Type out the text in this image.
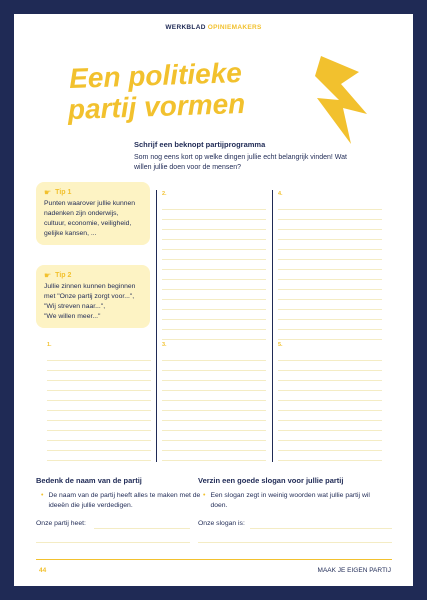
WERKBLAD OPINIEMAKERS
Een politieke
partij vormen
Schrijf een beknopt partijprogramma
Som nog eens kort op welke dingen jullie echt belangrijk vinden! Wat willen jullie doen voor de mensen?
☛ Tip 1
Punten waarover jullie kunnen nadenken zijn onderwijs, cultuur, economie, veiligheid, gelijke kansen, ...
☛ Tip 2
Jullie zinnen kunnen beginnen met "Onze partij zorgt voor...",
"Wij streven naar...",
"We willen meer..."
2.	4.
1.	3.	5.
Bedenk de naam van de partij
• De naam van de partij heeft alles te maken met de ideeën die jullie verdedigen.
Onze partij heet:
Verzin een goede slogan voor jullie partij
• Een slogan zegt in weinig woorden wat jullie partij wil doen.
Onze slogan is:
44	MAAK JE EIGEN PARTIJ
